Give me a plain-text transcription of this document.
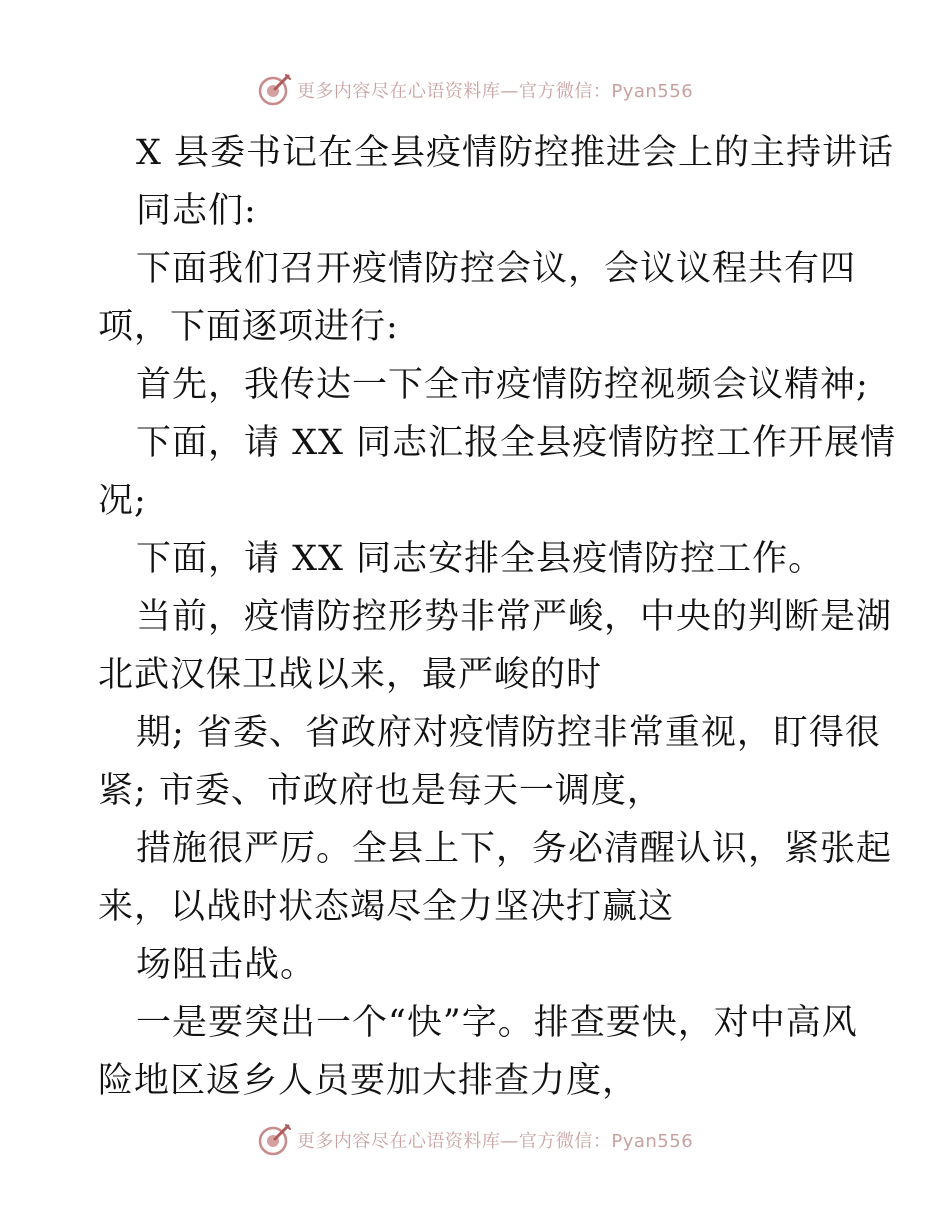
更多内容尽在心语资料库—官方微信：Pyan556
X 县委书记在全县疫情防控推进会上的主持讲话
同志们:
下面我们召开疫情防控会议，会议议程共有四
项，下面逐项进行:
首先，我传达一下全市疫情防控视频会议精神;
下面，请 XX 同志汇报全县疫情防控工作开展情
况;
下面，请 XX 同志安排全县疫情防控工作。
当前，疫情防控形势非常严峻，中央的判断是湖
北武汉保卫战以来，最严峻的时
期; 省委、省政府对疫情防控非常重视，盯得很
紧; 市委、市政府也是每天一调度，
措施很严厉。全县上下，务必清醒认识，紧张起
来，以战时状态竭尽全力坚决打赢这
场阻击战。
一是要突出一个“快”字。排查要快，对中高风
险地区返乡人员要加大排查力度，
更多内容尽在心语资料库—官方微信：Pyan556
